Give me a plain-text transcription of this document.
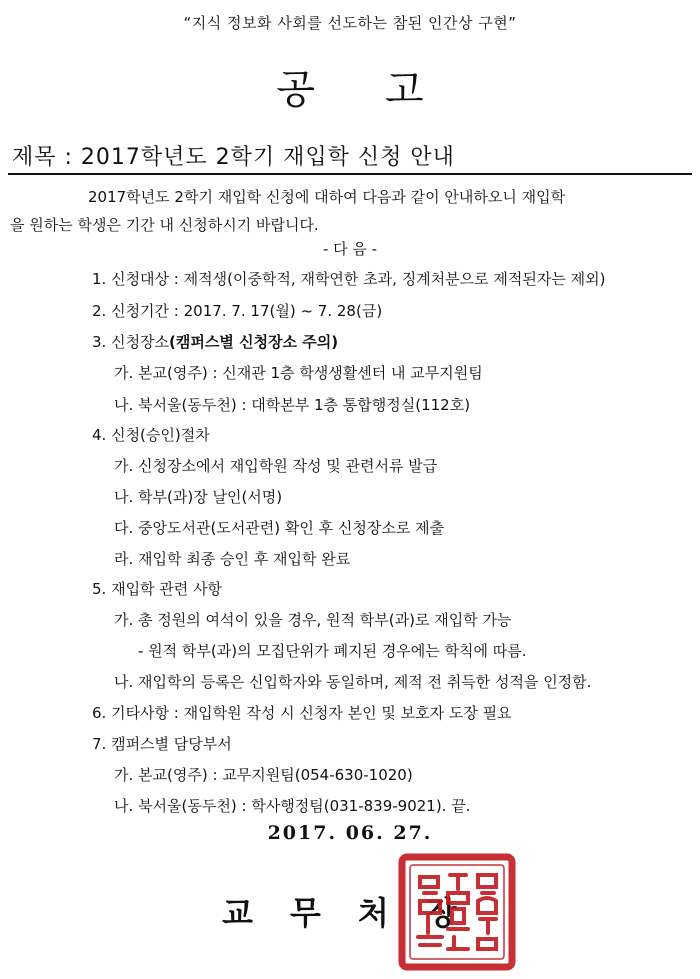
“지식 정보화 사회를 선도하는 참된 인간상 구현”
공고
제목 : 2017학년도 2학기 재입학 신청 안내
2017학년도 2학기 재입학 신청에 대하여 다음과 같이 안내하오니 재입학
을 원하는 학생은 기간 내 신청하시기 바랍니다.
- 다 음 -
1. 신청대상 : 제적생(이중학적, 재학연한 초과, 징계처분으로 제적된자는 제외)
2. 신청기간 : 2017. 7. 17(월) ~ 7. 28(금)
3. 신청장소(캠퍼스별 신청장소 주의)
가. 본교(영주) : 신재관 1층 학생생활센터 내 교무지원팀
나. 북서울(동두천) : 대학본부 1층 통합행정실(112호)
4. 신청(승인)절차
가. 신청장소에서 재입학원 작성 및 관련서류 발급
나. 학부(과)장 날인(서명)
다. 중앙도서관(도서관련) 확인 후 신청장소로 제출
라. 재입학 최종 승인 후 재입학 완료
5. 재입학 관련 사항
가. 총 정원의 여석이 있을 경우, 원적 학부(과)로 재입학 가능
- 원적 학부(과)의 모집단위가 폐지된 경우에는 학칙에 따름.
나. 재입학의 등록은 신입학자와 동일하며, 제적 전 취득한 성적을 인정함.
6. 기타사항 : 재입학원 작성 시 신청자 본인 및 보호자 도장 필요
7. 캠퍼스별 담당부서
가. 본교(영주) : 교무지원팀(054-630-1020)
나. 북서울(동두천) : 학사행정팀(031-839-9021). 끝.
2017. 06. 27.
교무처장
